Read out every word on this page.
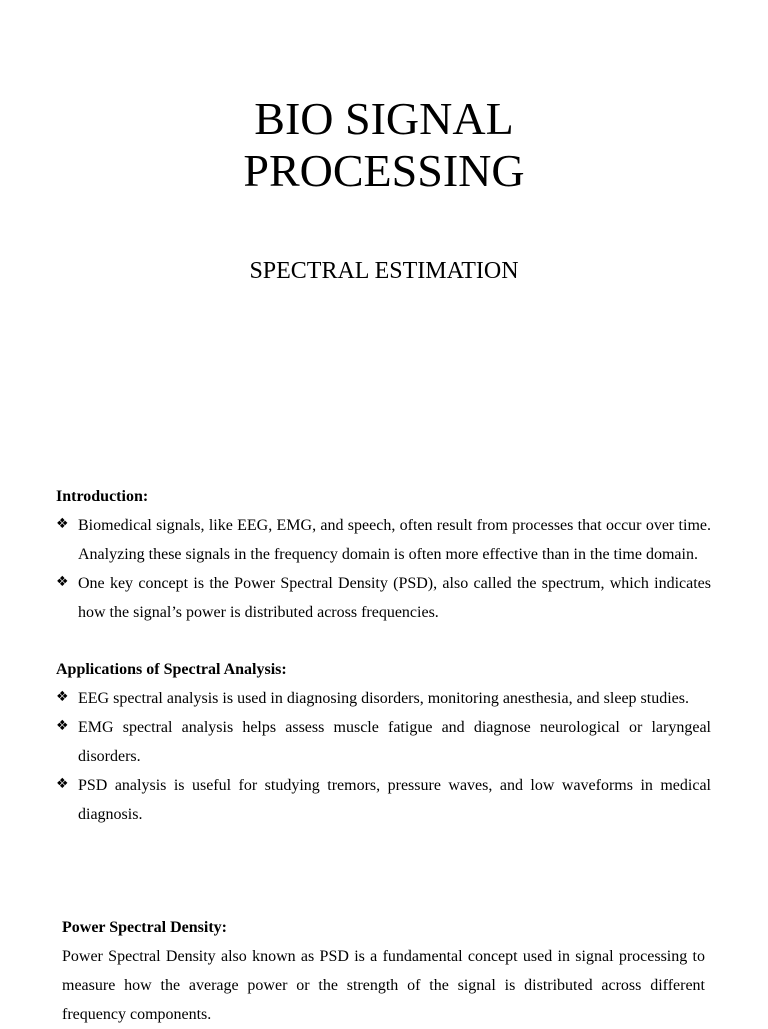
BIO SIGNAL
PROCESSING
SPECTRAL ESTIMATION
Introduction:
❖ Biomedical signals, like EEG, EMG, and speech, often result from processes that occur over time. Analyzing these signals in the frequency domain is often more effective than in the time domain.
❖ One key concept is the Power Spectral Density (PSD), also called the spectrum, which indicates how the signal’s power is distributed across frequencies.
Applications of Spectral Analysis:
❖ EEG spectral analysis is used in diagnosing disorders, monitoring anesthesia, and sleep studies.
❖ EMG spectral analysis helps assess muscle fatigue and diagnose neurological or laryngeal disorders.
❖ PSD analysis is useful for studying tremors, pressure waves, and low waveforms in medical diagnosis.
Power Spectral Density:

Power Spectral Density also known as PSD is a fundamental concept used in signal processing to measure how the average power or the strength of the signal is distributed across different frequency components.
